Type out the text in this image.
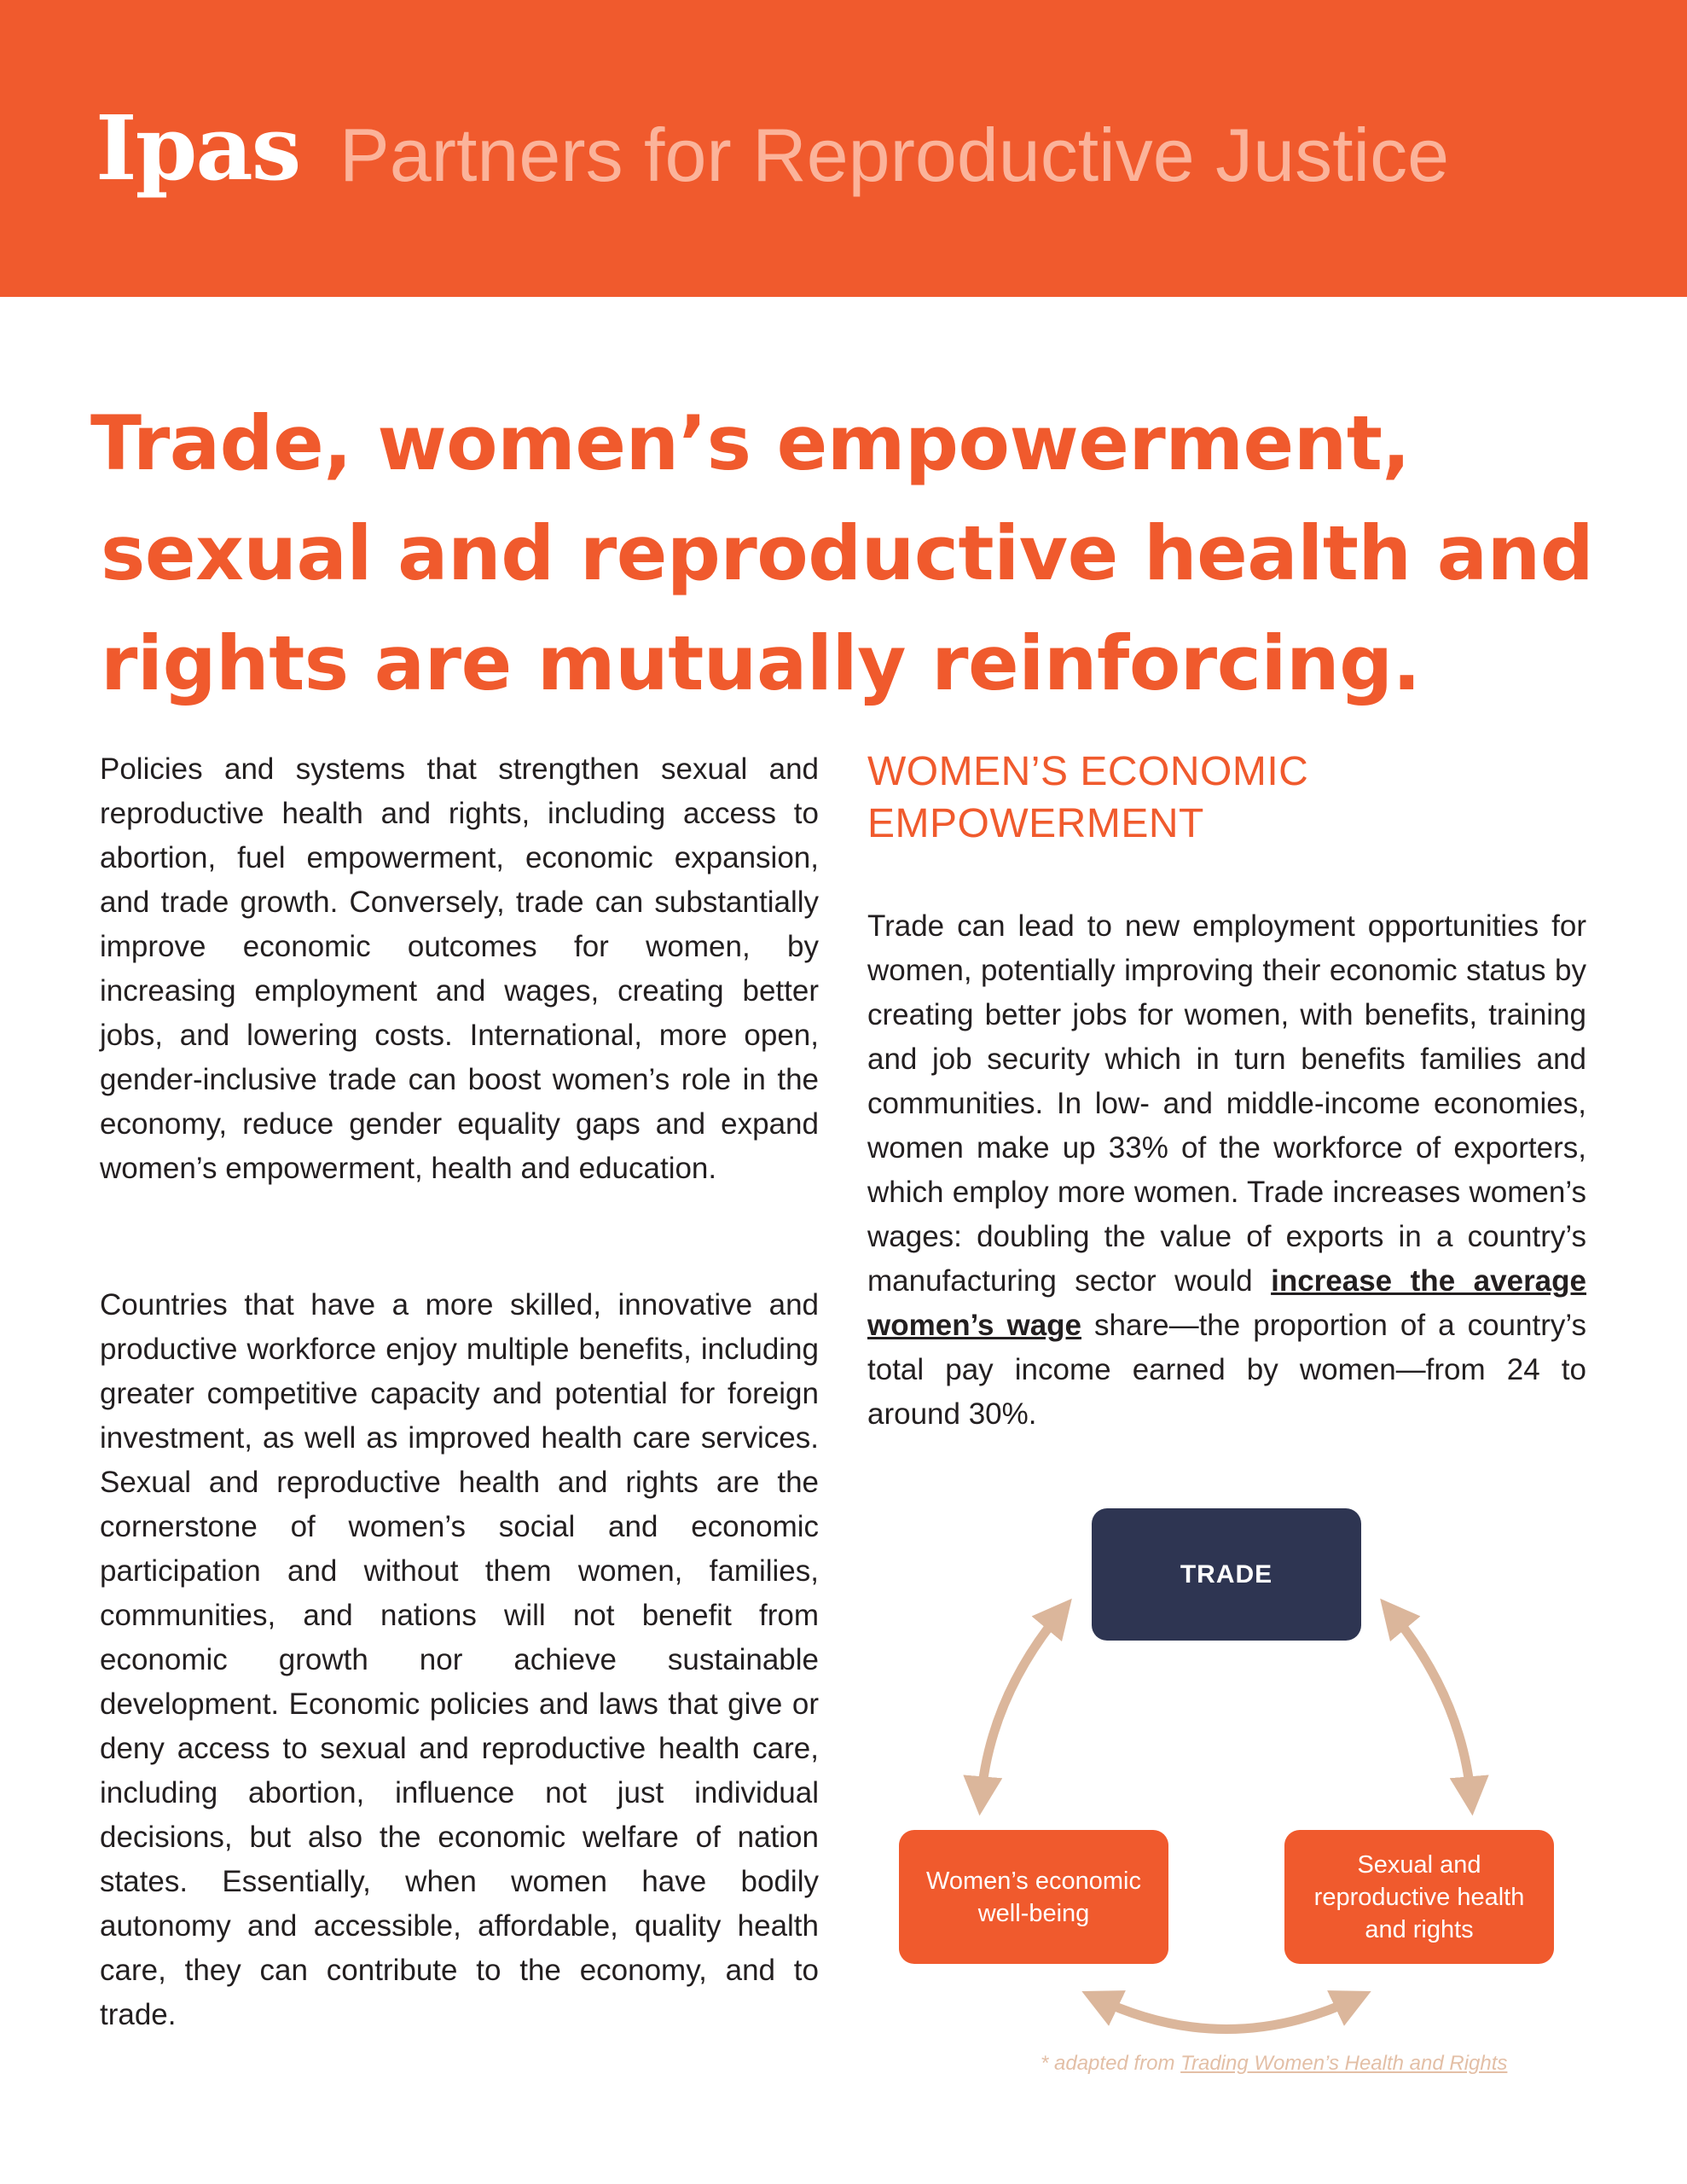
Ipas Partners for Reproductive Justice
Trade, women’s empowerment,
sexual and reproductive health and
rights are mutually reinforcing.

Policies and systems that strengthen sexual and reproductive health and rights, including access to abortion, fuel empowerment, economic expansion, and trade growth. Conversely, trade can substantially improve economic outcomes for women, by increasing employment and wages, creating better jobs, and lowering costs. International, more open, gender-inclusive trade can boost women’s role in the economy, reduce gender equality gaps and expand women’s empowerment, health and education.

Countries that have a more skilled, innovative and productive workforce enjoy multiple benefits, including greater competitive capacity and potential for foreign investment, as well as improved health care services. Sexual and reproductive health and rights are the cornerstone of women’s social and economic participation and without them women, families, communities, and nations will not benefit from economic growth nor achieve sustainable development. Economic policies and laws that give or deny access to sexual and reproductive health care, including abortion, influence not just individual decisions, but also the economic welfare of nation states. Essentially, when women have bodily autonomy and accessible, affordable, quality health care, they can contribute to the economy, and to trade.

WOMEN’S ECONOMIC EMPOWERMENT

Trade can lead to new employment opportunities for women, potentially improving their economic status by creating better jobs for women, with benefits, training and job security which in turn benefits families and communities. In low- and middle-income economies, women make up 33% of the workforce of exporters, which employ more women. Trade increases women’s wages: doubling the value of exports in a country’s manufacturing sector would increase the average women’s wage share—the proportion of a country’s total pay income earned by women—from 24 to around 30%.

TRADE
Women’s economic well-being
Sexual and reproductive health and rights
* adapted from Trading Women’s Health and Rights
